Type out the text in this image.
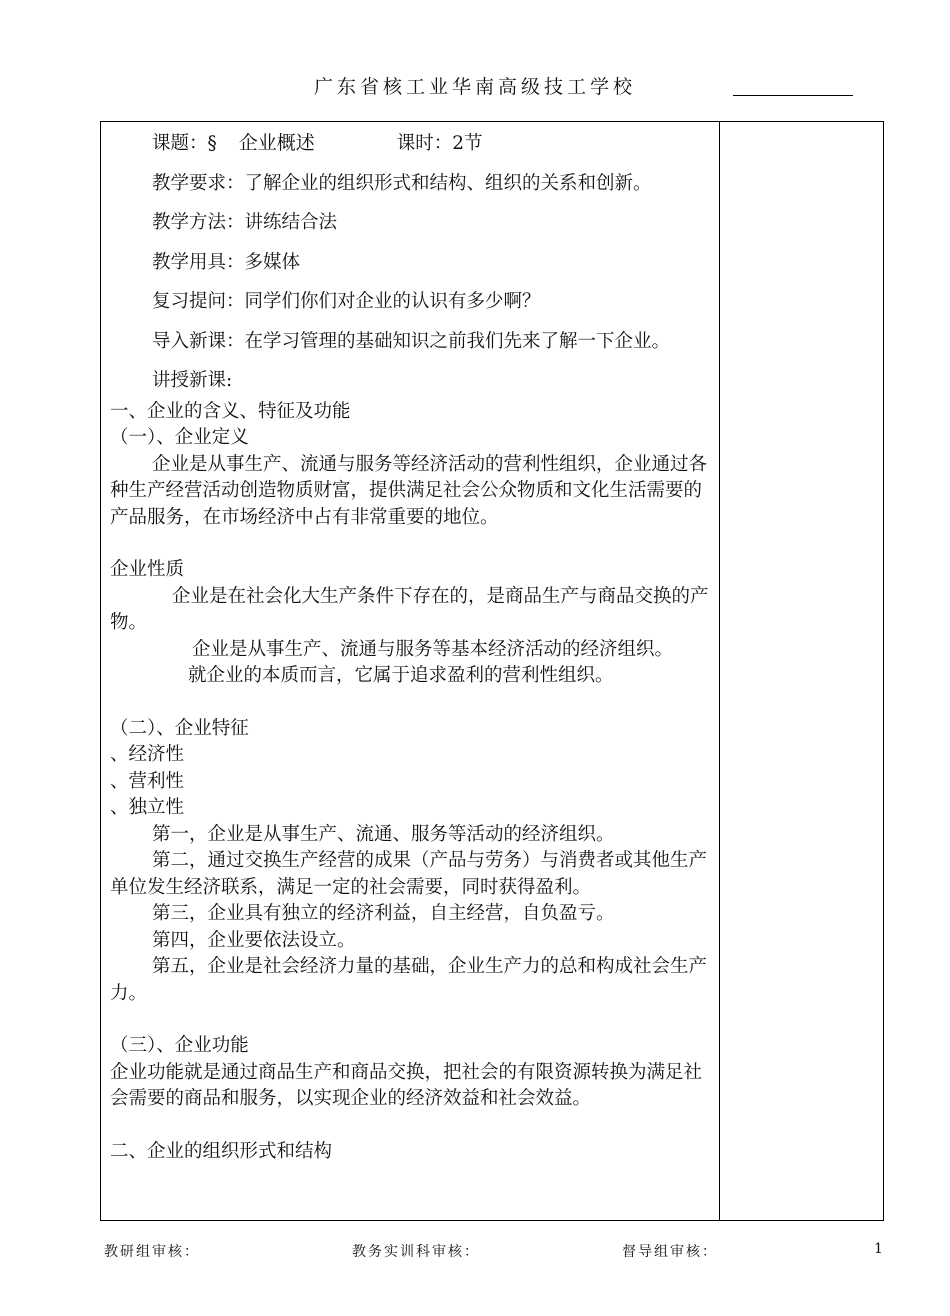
广东省核工业华南高级技工学校
课题：§ 企业概述	课时：2节
教学要求：了解企业的组织形式和结构、组织的关系和创新。
教学方法：讲练结合法
教学用具：多媒体
复习提问：同学们你们对企业的认识有多少啊？
导入新课：在学习管理的基础知识之前我们先来了解一下企业。
讲授新课:

一、企业的含义、特征及功能

（一）、企业定义

企业是从事生产、流通与服务等经济活动的营利性组织，企业通过各种生产经营活动创造物质财富，提供满足社会公众物质和文化生活需要的产品服务，在市场经济中占有非常重要的地位。

企业性质

企业是在社会化大生产条件下存在的，是商品生产与商品交换的产物。

企业是从事生产、流通与服务等基本经济活动的经济组织。

就企业的本质而言，它属于追求盈利的营利性组织。

（二）、企业特征

、经济性

、营利性

、独立性

第一，企业是从事生产、流通、服务等活动的经济组织。

第二，通过交换生产经营的成果（产品与劳务）与消费者或其他生产单位发生经济联系，满足一定的社会需要，同时获得盈利。

第三，企业具有独立的经济利益，自主经营，自负盈亏。

第四，企业要依法设立。

第五，企业是社会经济力量的基础，企业生产力的总和构成社会生产力。

（三）、企业功能

企业功能就是通过商品生产和商品交换，把社会的有限资源转换为满足社会需要的商品和服务，以实现企业的经济效益和社会效益。

二、企业的组织形式和结构

教研组审核：	教务实训科审核：	督导组审核：	1
